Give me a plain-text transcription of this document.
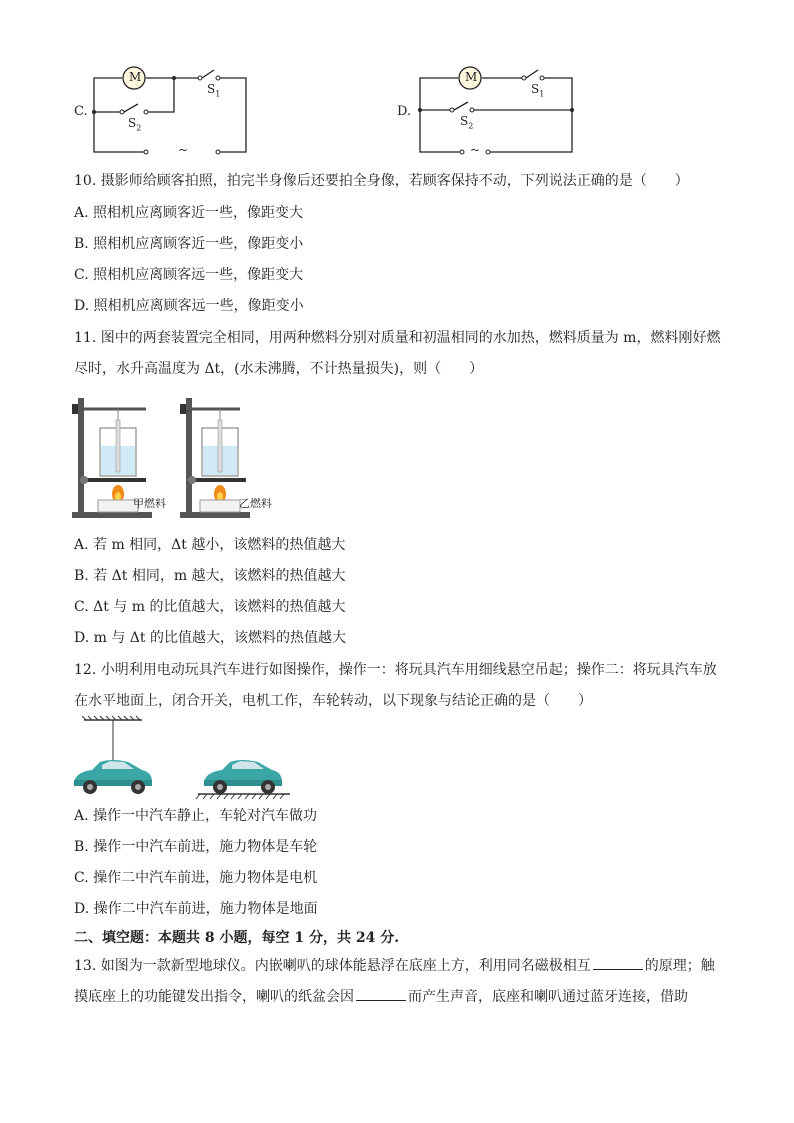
C.
M
$S_1$
$S_2$
~
D.
M
$S_1$
$S_2$
~
10. 摄影师给顾客拍照，拍完半身像后还要拍全身像，若顾客保持不动，下列说法正确的是（　　）
A. 照相机应离顾客近一些，像距变大
B. 照相机应离顾客近一些，像距变小
C. 照相机应离顾客远一些，像距变大
D. 照相机应离顾客远一些，像距变小
11. 图中的两套装置完全相同，用两种燃料分别对质量和初温相同的水加热，燃料质量为 m，燃料刚好燃
尽时，水升高温度为 Δt，(水未沸腾，不计热量损失)，则（　　）
甲燃料	乙燃料
A. 若 m 相同，Δt 越小，该燃料的热值越大
B. 若 Δt 相同，m 越大，该燃料的热值越大
C. Δt 与 m 的比值越大，该燃料的热值越大
D. m 与 Δt 的比值越大，该燃料的热值越大
12. 小明利用电动玩具汽车进行如图操作，操作一：将玩具汽车用细线悬空吊起；操作二：将玩具汽车放
在水平地面上，闭合开关，电机工作，车轮转动，以下现象与结论正确的是（　　）
A. 操作一中汽车静止，车轮对汽车做功
B. 操作一中汽车前进，施力物体是车轮
C. 操作二中汽车前进，施力物体是电机
D. 操作二中汽车前进，施力物体是地面
二、填空题：本题共 8 小题，每空 1 分，共 24 分.
13. 如图为一款新型地球仪。内嵌喇叭的球体能悬浮在底座上方，利用同名磁极相互	的原理；触
摸底座上的功能键发出指令，喇叭的纸盆会因	而产生声音，底座和喇叭通过蓝牙连接，借助
